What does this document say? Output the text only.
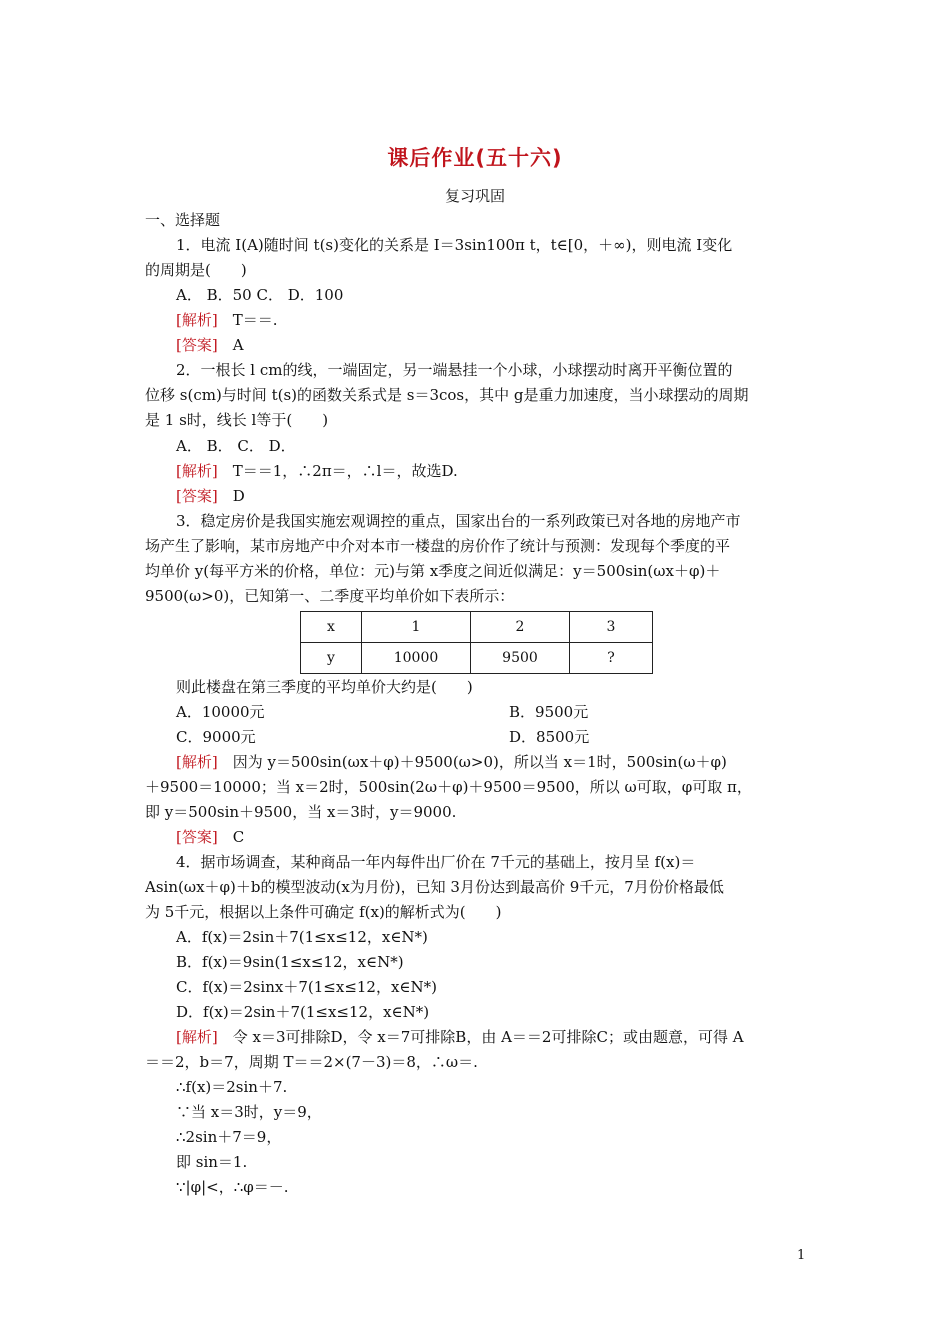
课后作业(五十六)
复习巩固
一、选择题
1．电流 I(A)随时间 t(s)变化的关系是 I＝3sin100π t，t∈[0，＋∞)，则电流 I变化
的周期是(　　)
A． B．50 C． D．100
[解析]　 T＝＝.
[答案]　 A
2．一根长 l cm的线，一端固定，另一端悬挂一个小球，小球摆动时离开平衡位置的
位移 s(cm)与时间 t(s)的函数关系式是 s＝3cos，其中 g是重力加速度，当小球摆动的周期
是 1 s时，线长 l等于(　　)
A． B． C． D．
[解析]　 T＝＝1，∴2π＝，∴l＝，故选D.
[答案]　 D
3．稳定房价是我国实施宏观调控的重点，国家出台的一系列政策已对各地的房地产市
场产生了影响，某市房地产中介对本市一楼盘的房价作了统计与预测：发现每个季度的平
均单价 y(每平方米的价格，单位：元)与第 x季度之间近似满足：y＝500sin(ωx＋φ)＋
9500(ω>0)，已知第一、二季度平均单价如下表所示：
x	1	2	3
y	10000	9500	?
则此楼盘在第三季度的平均单价大约是(　　)
A．10000元	B．9500元
C．9000元	D．8500元
[解析]　 因为 y＝500sin(ωx＋φ)＋9500(ω>0)，所以当 x＝1时，500sin(ω＋φ)
＋9500＝10000；当 x＝2时，500sin(2ω＋φ)＋9500＝9500，所以 ω可取，φ可取 π，
即 y＝500sin＋9500，当 x＝3时，y＝9000.
[答案]　 C
4．据市场调查，某种商品一年内每件出厂价在 7千元的基础上，按月呈 f(x)＝
Asin(ωx＋φ)＋b的模型波动(x为月份)，已知 3月份达到最高价 9千元，7月份价格最低
为 5千元，根据以上条件可确定 f(x)的解析式为(　　)
A．f(x)＝2sin＋7(1≤x≤12，x∈N*)
B．f(x)＝9sin(1≤x≤12，x∈N*)
C．f(x)＝2sinx＋7(1≤x≤12，x∈N*)
D．f(x)＝2sin＋7(1≤x≤12，x∈N*)
[解析]　 令 x＝3可排除D，令 x＝7可排除B，由 A＝＝2可排除C；或由题意，可得 A
＝＝2，b＝7，周期 T＝＝2×(7－3)＝8，∴ω＝.
∴f(x)＝2sin＋7.
∵当 x＝3时，y＝9，
∴2sin＋7＝9，
即 sin＝1.
∵|φ|<，∴φ＝－.
1
